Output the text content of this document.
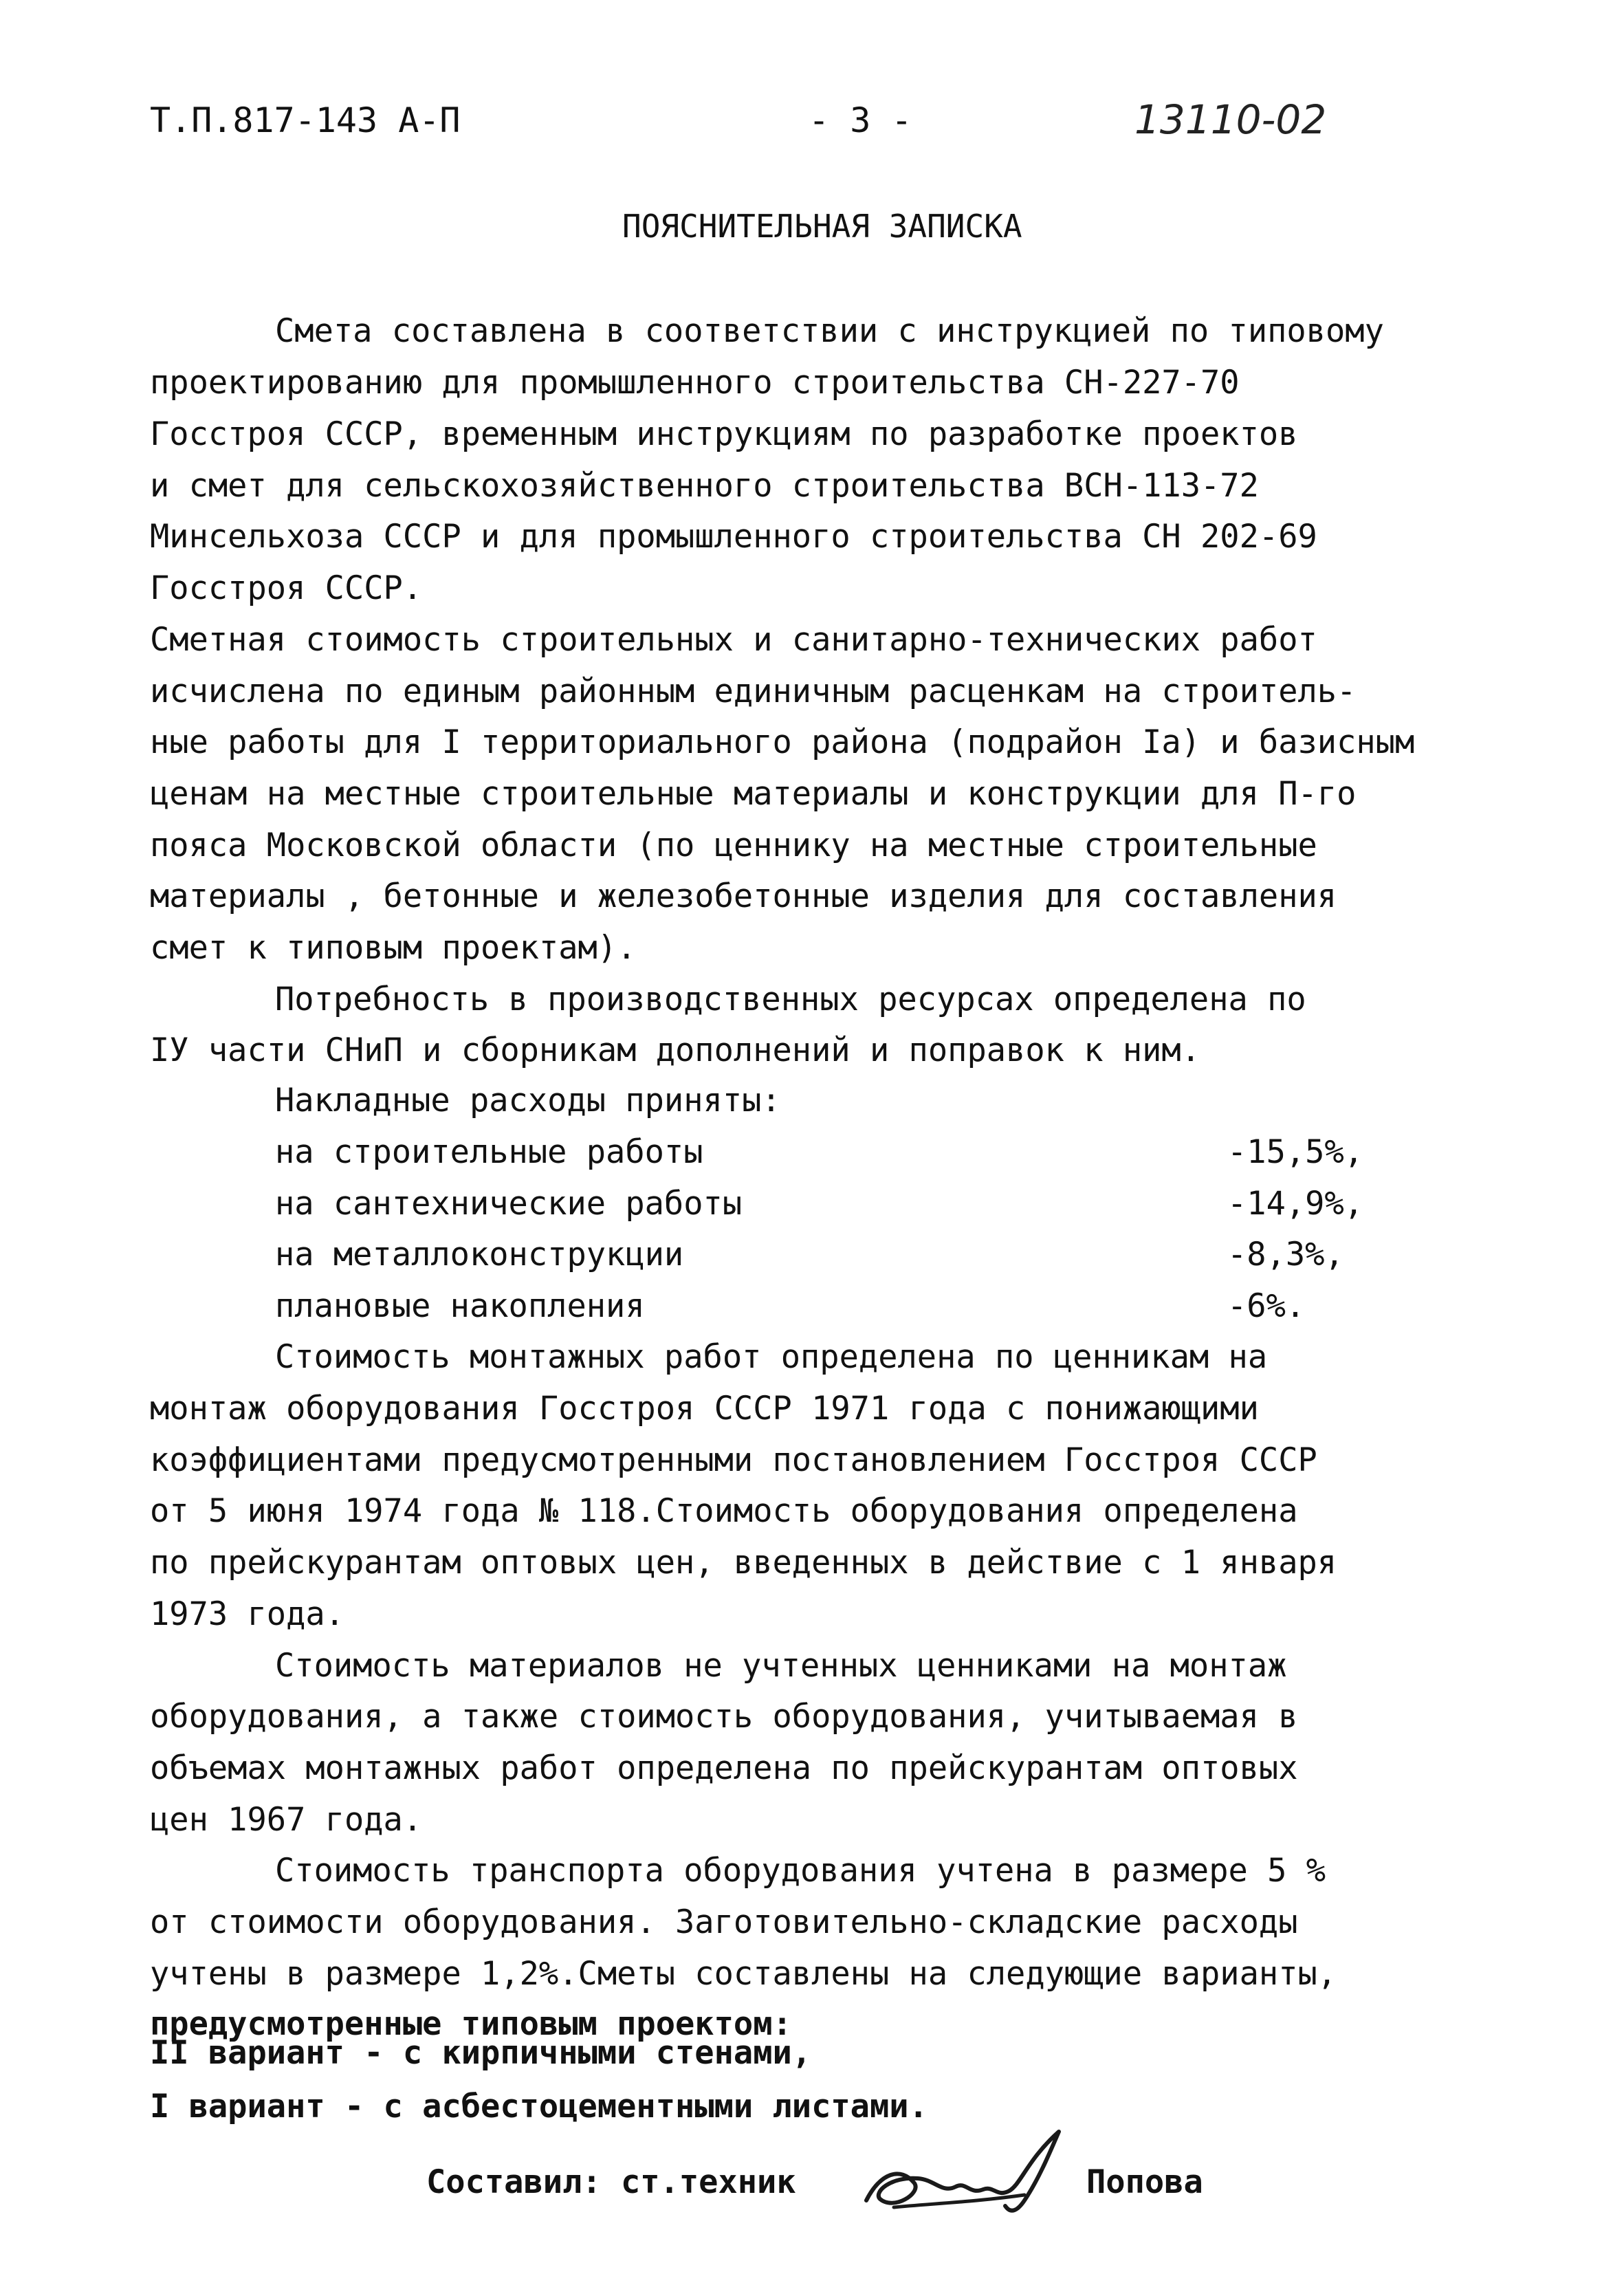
Т.П.817-143 А-П	- 3 -	13110-02
ПОЯСНИТЕЛЬНАЯ ЗАПИСКА
Смета составлена в соответствии с инструкцией по типовому
проектированию для промышленного строительства СН-227-70
Госстроя СССР, временным инструкциям по разработке проектов
и смет для сельскохозяйственного строительства ВСН-113-72
Минсельхоза СССР и для промышленного строительства СН 202-69
Госстроя СССР.
Сметная стоимость строительных и санитарно-технических работ
исчислена по единым районным единичным расценкам на строитель-
ные работы для I территориального района (подрайон Iа) и базисным
ценам на местные строительные материалы и конструкции для П-го
пояса Московской области (по ценнику на местные строительные
материалы , бетонные и железобетонные изделия для составления
смет к типовым проектам).
Потребность в производственных ресурсах определена по
IУ части СНиП и сборникам дополнений и поправок к ним.
Накладные расходы приняты:
на строительные работы	-15,5%,
на сантехнические работы	-14,9%,
на металлоконструкции	-8,3%,
плановые накопления	-6%.
Стоимость монтажных работ определена по ценникам на
монтаж оборудования Госстроя СССР 1971 года с понижающими
коэффициентами предусмотренными постановлением Госстроя СССР
от 5 июня 1974 года № 118.Стоимость оборудования определена
по прейскурантам оптовых цен, введенных в действие с 1 января
1973 года.
Стоимость материалов не учтенных ценниками на монтаж
оборудования, а также стоимость оборудования, учитываемая в
объемах монтажных работ определена по прейскурантам оптовых
цен 1967 года.
Стоимость транспорта оборудования учтена в размере 5 %
от стоимости оборудования. Заготовительно-складские расходы
учтены в размере 1,2%.Сметы составлены на следующие варианты,
предусмотренные типовым проектом:
II вариант - с кирпичными стенами,
I вариант - с асбестоцементными листами.
Составил: ст.техник	Попова
